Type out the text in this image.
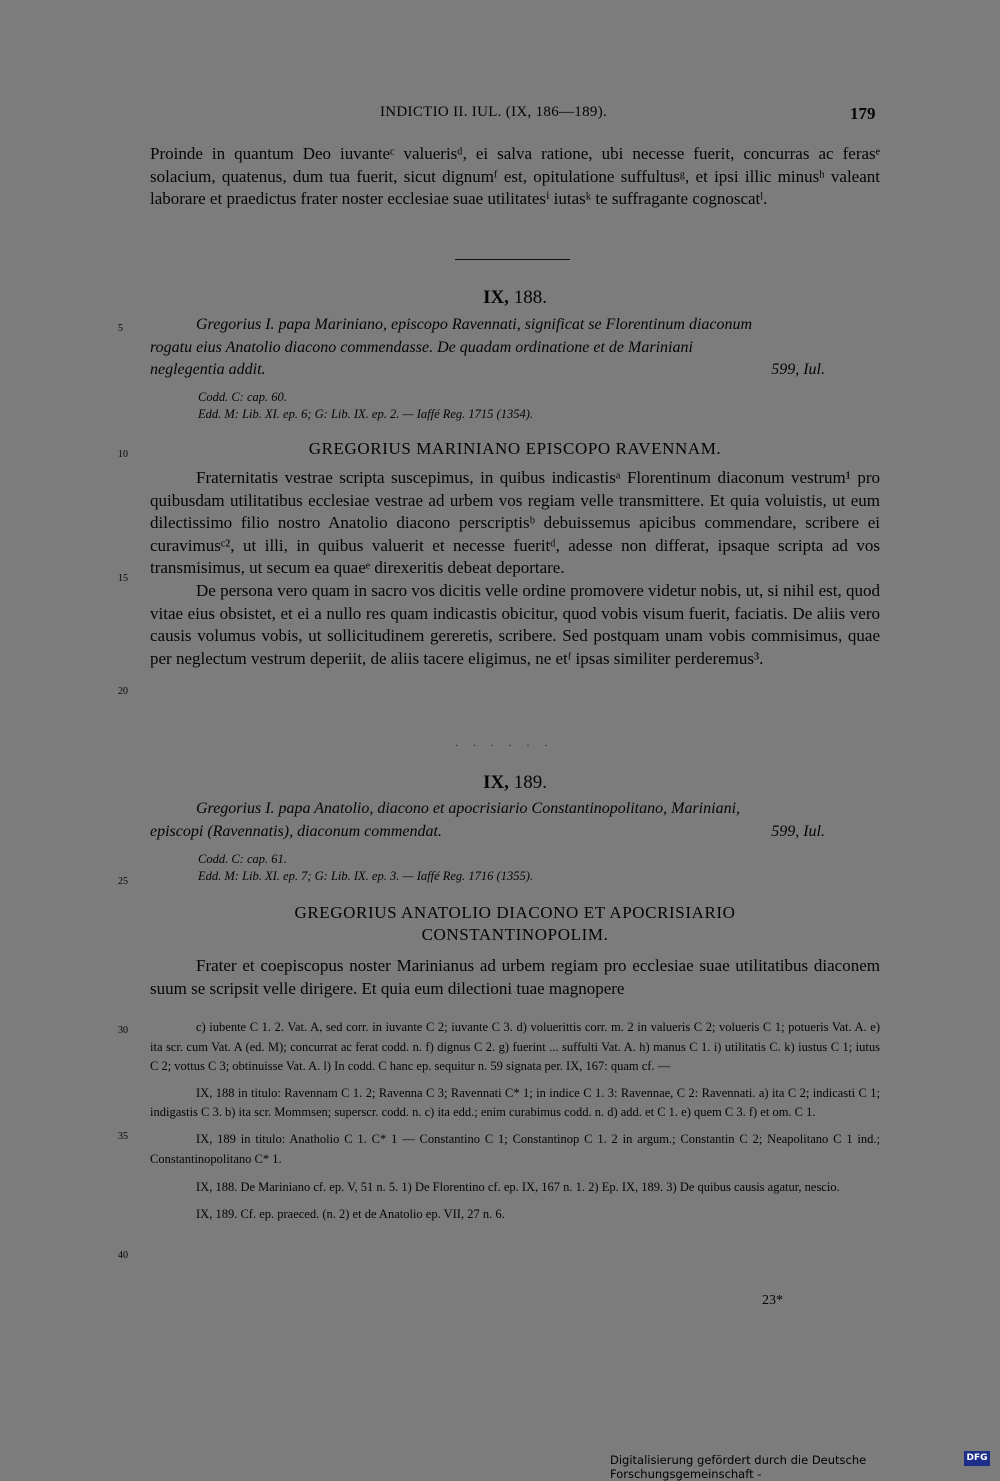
INDICTIO II. IUL. (IX, 186—189).	179

Proinde in quantum Deo iuvanteᶜ valuerisᵈ, ei salva ratione, ubi necesse fuerit, concurras ac ferasᵉ solacium, quatenus, dum tua fuerit, sicut dignumᶠ est, opitulatione suffultusᵍ, et ipsi illic minusʰ valeant laborare et praedictus frater noster ecclesiae suae utilitatesⁱ iutasᵏ te suffragante cognoscatˡ.

IX, 188.

Gregorius I. papa Mariniano, episcopo Ravennati, significat se Florentinum diaconum

rogatu eius Anatolio diacono commendasse. De quadam ordinatione et de Mariniani

neglegentia addit.	599, Iul.

Codd. C: cap. 60.
Edd. M: Lib. XI. ep. 6; G: Lib. IX. ep. 2. — Iaffé Reg. 1715 (1354).
GREGORIUS MARINIANO EPISCOPO RAVENNAM.

Fraternitatis vestrae scripta suscepimus, in quibus indicastisᵃ Florentinum diaconum vestrum¹ pro quibusdam utilitatibus ecclesiae vestrae ad urbem vos regiam velle transmittere. Et quia voluistis, ut eum dilectissimo filio nostro Anatolio diacono perscriptisᵇ debuissemus apicibus commendare, scribere ei curavimusᶜ², ut illi, in quibus valuerit et necesse fueritᵈ, adesse non differat, ipsaque scripta ad vos transmisimus, ut secum ea quaeᵉ direxeritis debeat deportare.

De persona vero quam in sacro vos dicitis velle ordine promovere videtur nobis, ut, si nihil est, quod vitae eius obsistet, et ei a nullo res quam indicastis obicitur, quod vobis visum fuerit, faciatis. De aliis vero causis volumus vobis, ut sollicitudinem gereretis, scribere. Sed postquam unam vobis commisimus, quae per neglectum vestrum deperiit, de aliis tacere eligimus, ne etᶠ ipsas similiter perderemus³.

· · · · · ·
IX, 189.

Gregorius I. papa Anatolio, diacono et apocrisiario Constantinopolitano, Mariniani,

episcopi (Ravennatis), diaconum commendat.	599, Iul.

Codd. C: cap. 61.
Edd. M: Lib. XI. ep. 7; G: Lib. IX. ep. 3. — Iaffé Reg. 1716 (1355).
GREGORIUS ANATOLIO DIACONO ET APOCRISIARIO
CONSTANTINOPOLIM.

Frater et coepiscopus noster Marinianus ad urbem regiam pro ecclesiae suae utilitatibus diaconem suum se scripsit velle dirigere. Et quia eum dilectioni tuae magnopere

c) iubente C 1. 2. Vat. A, sed corr. in iuvante C 2; iuvante C 3. d) voluerittis corr. m. 2 in valueris C 2; volueris C 1; potueris Vat. A. e) ita scr. cum Vat. A (ed. M); concurrat ac ferat codd. n. f) dignus C 2. g) fuerint ... suffulti Vat. A. h) manus C 1. i) utilitatis C. k) iustus C 1; iutus C 2; vottus C 3; obtinuisse Vat. A. l) In codd. C hanc ep. sequitur n. 59 signata per. IX, 167: quam cf. —

IX, 188 in titulo: Ravennam C 1. 2; Ravenna C 3; Ravennati C* 1; in indice C 1. 3: Ravennae, C 2: Ravennati. a) ita C 2; indicasti C 1; indigastis C 3. b) ita scr. Mommsen; superscr. codd. n. c) ita edd.; enim curabimus codd. n. d) add. et C 1. e) quem C 3. f) et om. C 1.

IX, 189 in titulo: Anatholio C 1. C* 1 — Constantino C 1; Constantinop C 1. 2 in argum.; Constantin C 2; Neapolitano C 1 ind.; Constantinopolitano C* 1.

IX, 188. De Mariniano cf. ep. V, 51 n. 5. 1) De Florentino cf. ep. IX, 167 n. 1. 2) Ep. IX, 189. 3) De quibus causis agatur, nescio.

IX, 189. Cf. ep. praeced. (n. 2) et de Anatolio ep. VII, 27 n. 6.

23*
5
10
15
20
25
30
35
40
Digitalisierung gefördert durch die Deutsche Forschungsgemeinschaft -
DFG
